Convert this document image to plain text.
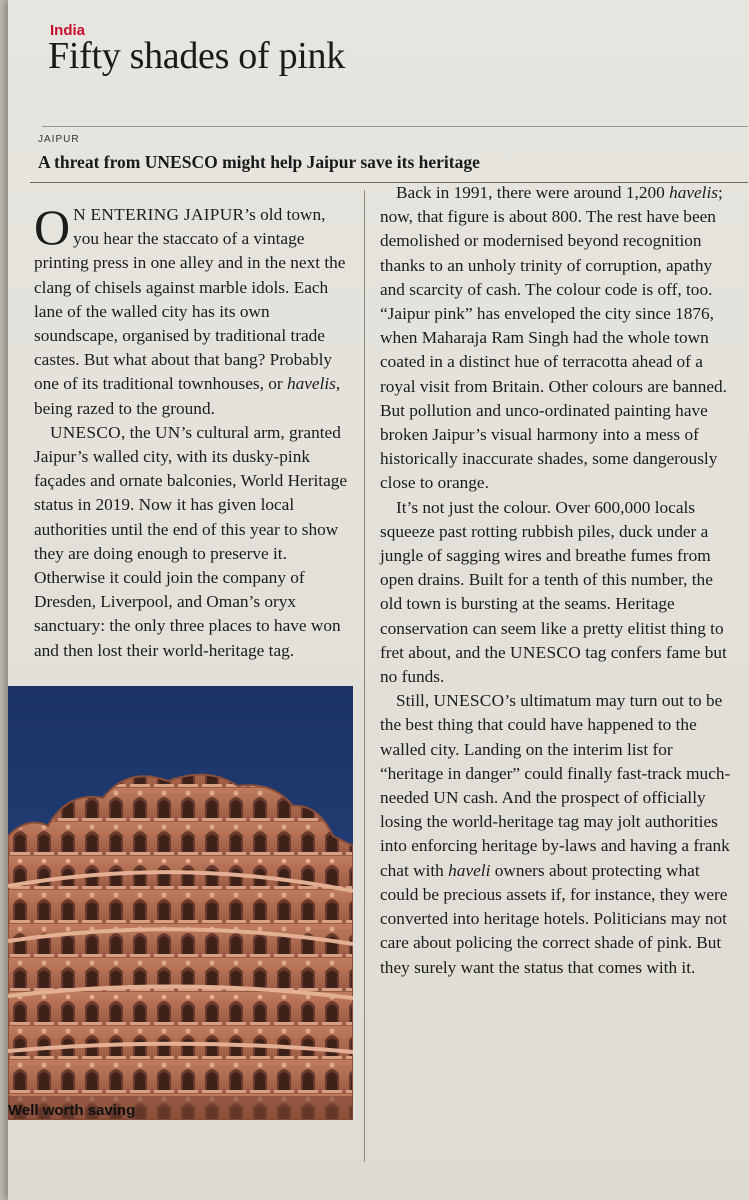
India
Fifty shades of pink
JAIPUR
A threat from UNESCO might help Jaipur save its heritage

O N ENTERING JAIPUR’s old town, you hear the staccato of a vintage printing press in one alley and in the next the clang of chisels against marble idols. Each lane of the walled city has its own soundscape, organised by traditional trade castes. But what about that bang? Probably one of its traditional townhouses, or havelis, being razed to the ground.

UNESCO, the UN’s cultural arm, granted Jaipur’s walled city, with its dusky-pink façades and ornate balconies, World Heritage status in 2019. Now it has given local authorities until the end of this year to show they are doing enough to preserve it. Otherwise it could join the company of Dresden, Liverpool, and Oman’s oryx sanctuary: the only three places to have won and then lost their world-heritage tag.

Back in 1991, there were around 1,200 havelis; now, that figure is about 800. The rest have been demolished or modernised beyond recognition thanks to an unholy trinity of corruption, apathy and scarcity of cash. The colour code is off, too. “Jaipur pink” has enveloped the city since 1876, when Maharaja Ram Singh had the whole town coated in a distinct hue of terracotta ahead of a royal visit from Britain. Other colours are banned. But pollution and unco-ordinated painting have broken Jaipur’s visual harmony into a mess of historically inaccurate shades, some dangerously close to orange.

It’s not just the colour. Over 600,000 locals squeeze past rotting rubbish piles, duck under a jungle of sagging wires and breathe fumes from open drains. Built for a tenth of this number, the old town is bursting at the seams. Heritage conservation can seem like a pretty elitist thing to fret about, and the UNESCO tag confers fame but no funds.

Still, UNESCO’s ultimatum may turn out to be the best thing that could have happened to the walled city. Landing on the interim list for “heritage in danger” could finally fast-track much-needed UN cash. And the prospect of officially losing the world-heritage tag may jolt authorities into enforcing heritage by-laws and having a frank chat with haveli owners about protecting what could be precious assets if, for instance, they were converted into heritage hotels. Politicians may not care about policing the correct shade of pink. But they surely want the status that comes with it.

Well worth saving
